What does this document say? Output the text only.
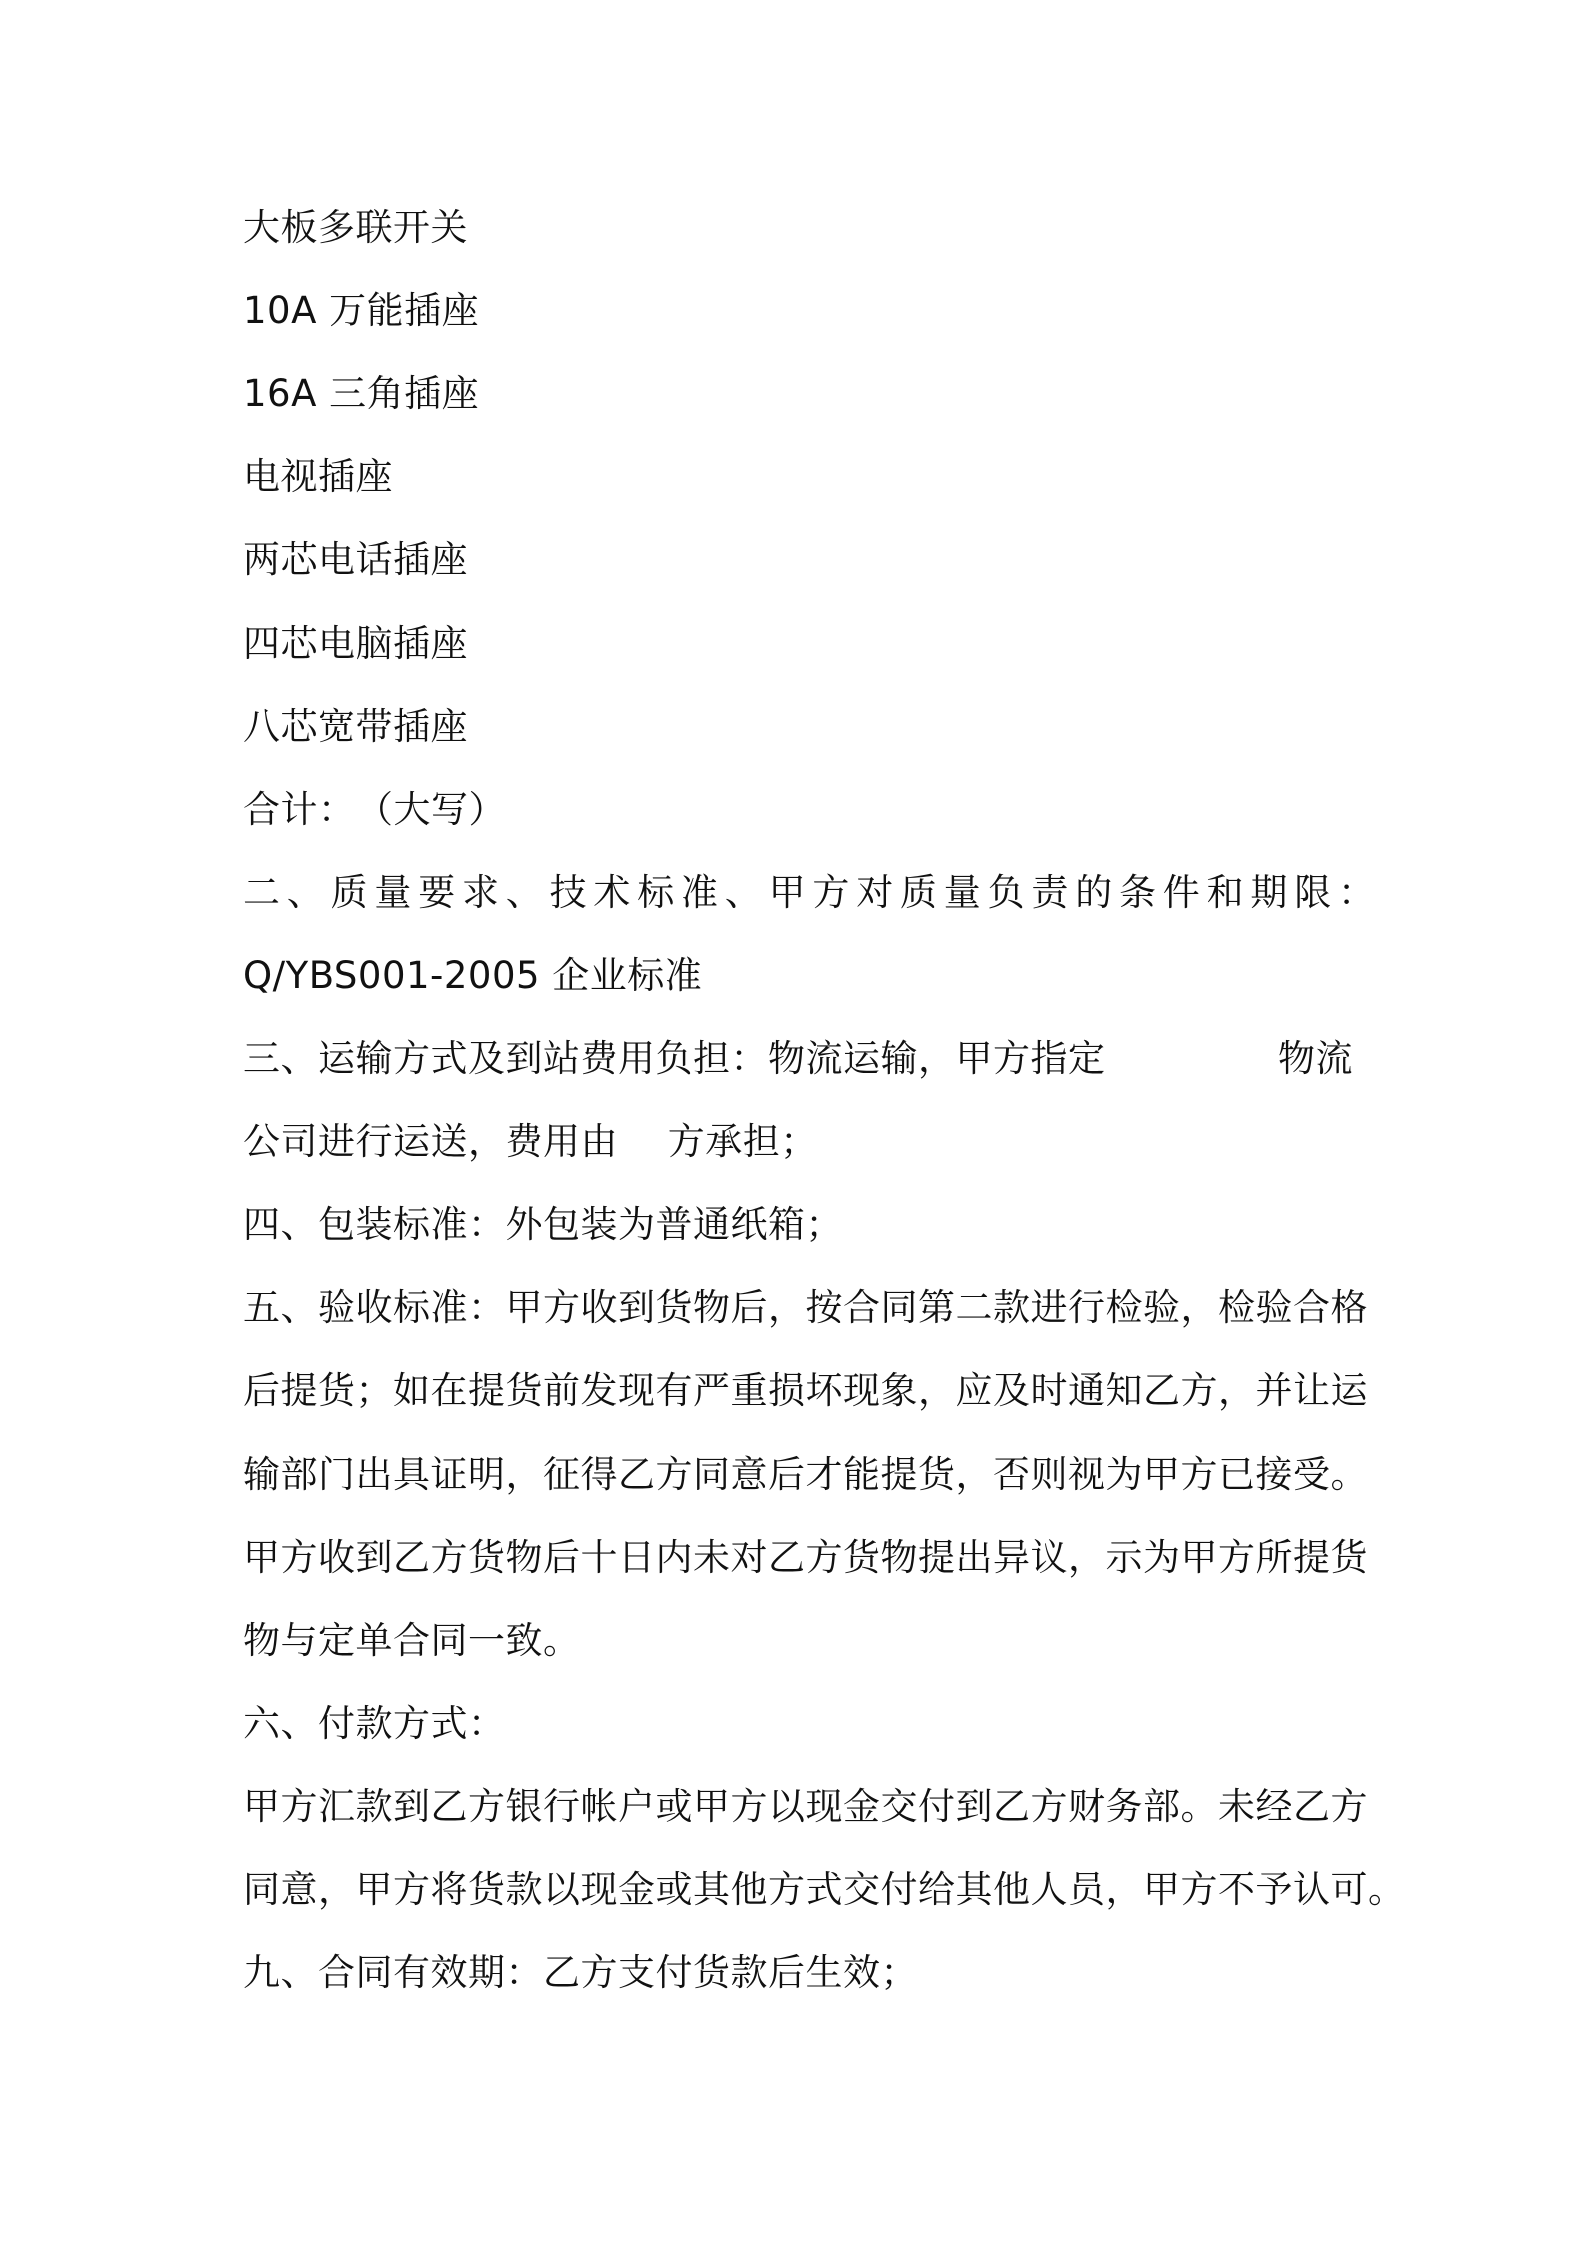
大板多联开关
10A 万能插座
16A 三角插座
电视插座
两芯电话插座
四芯电脑插座
八芯宽带插座
合计：　（大写）
二、质量要求、技术标准、甲方对质量负责的条件和期限：
Q/YBS001-2005 企业标准
三、运输方式及到站费用负担：物流运输，甲方指定	物流
公司进行运送，费用由　 方承担；
四、包装标准：外包装为普通纸箱；
五、验收标准：甲方收到货物后，按合同第二款进行检验，检验合格
后提货；如在提货前发现有严重损坏现象，应及时通知乙方，并让运
输部门出具证明，征得乙方同意后才能提货，否则视为甲方已接受。
甲方收到乙方货物后十日内未对乙方货物提出异议，示为甲方所提货
物与定单合同一致。
六、付款方式：
甲方汇款到乙方银行帐户或甲方以现金交付到乙方财务部。未经乙方
同意，甲方将货款以现金或其他方式交付给其他人员，甲方不予认可。
九、合同有效期：乙方支付货款后生效；
